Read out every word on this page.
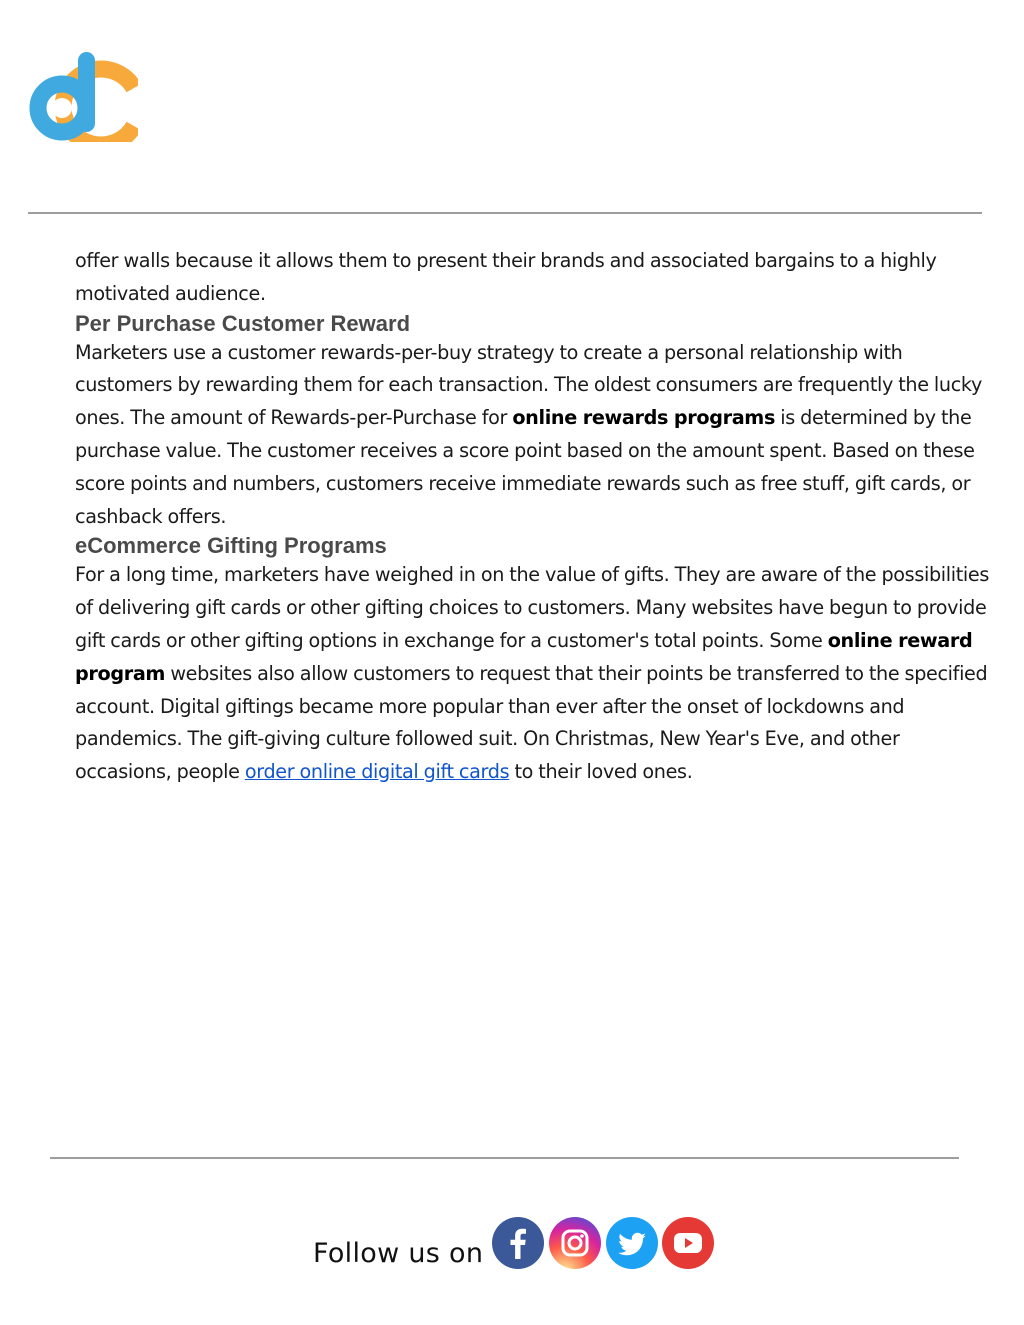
offer walls because it allows them to present their brands and associated bargains to a highly motivated audience.

Per Purchase Customer Reward

Marketers use a customer rewards-per-buy strategy to create a personal relationship with customers by rewarding them for each transaction. The oldest consumers are frequently the lucky ones. The amount of Rewards-per-Purchase for online rewards programs is determined by the purchase value. The customer receives a score point based on the amount spent. Based on these score points and numbers, customers receive immediate rewards such as free stuff, gift cards, or cashback offers.

eCommerce Gifting Programs

For a long time, marketers have weighed in on the value of gifts. They are aware of the possibilities of delivering gift cards or other gifting choices to customers. Many websites have begun to provide gift cards or other gifting options in exchange for a customer's total points. Some online reward program websites also allow customers to request that their points be transferred to the specified account. Digital giftings became more popular than ever after the onset of lockdowns and pandemics. The gift-giving culture followed suit. On Christmas, New Year's Eve, and other occasions, people order online digital gift cards to their loved ones.

Follow us on
